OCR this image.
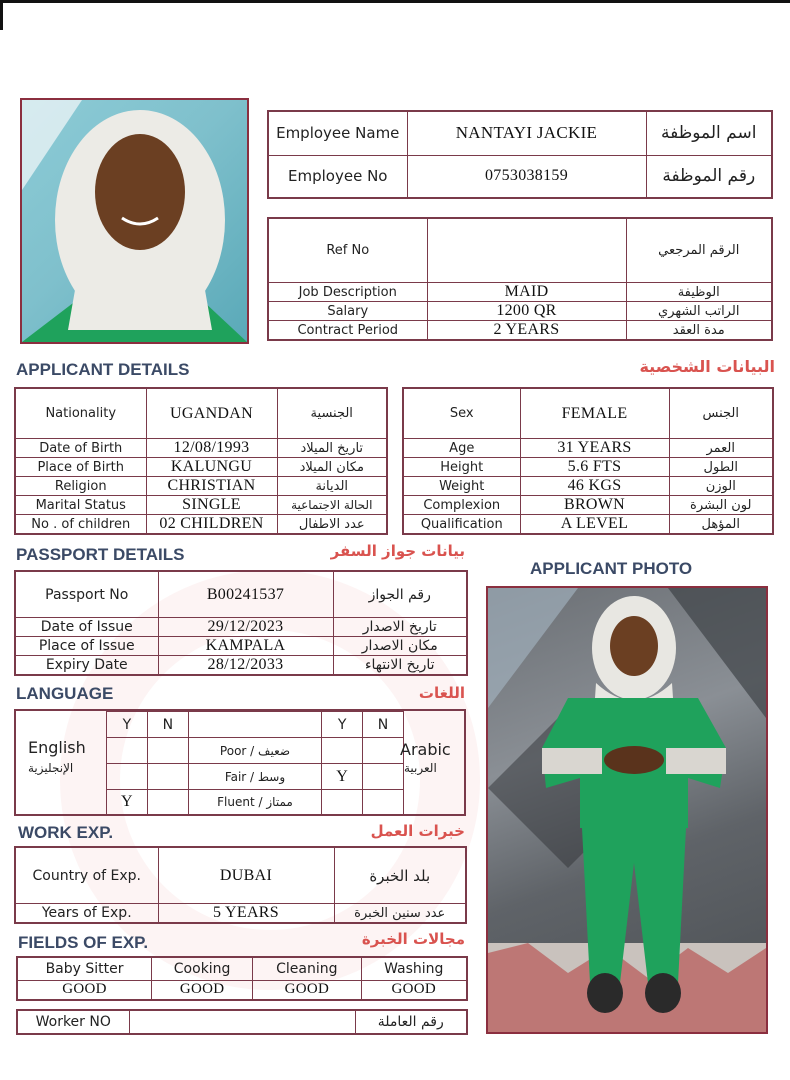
Employee Name	NANTAYI JACKIE	اسم الموظفة
Employee No	0753038159	رقم الموظفة
Ref No		الرقم المرجعي
Job Description	MAID	الوظيفة
Salary	1200 QR	الراتب الشهري
Contract Period	2 YEARS	مدة العقد
APPLICANT DETAILS	البيانات الشخصية
Nationality	UGANDAN	الجنسية
Date of Birth	12/08/1993	تاريخ الميلاد
Place of Birth	KALUNGU	مكان الميلاد
Religion	CHRISTIAN	الديانة
Marital Status	SINGLE	الحالة الاجتماعية
No . of children	02 CHILDREN	عدد الاطفال
Sex	FEMALE	الجنس
Age	31 YEARS	العمر
Height	5.6 FTS	الطول
Weight	46 KGS	الوزن
Complexion	BROWN	لون البشرة
Qualification	A LEVEL	المؤهل
PASSPORT DETAILS	بيانات جواز السفر
Passport No	B00241537	رقم الجواز
Date of Issue	29/12/2023	تاريخ الاصدار
Place of Issue	KAMPALA	مكان الاصدار
Expiry Date	28/12/2033	تاريخ الانتهاء
APPLICANT PHOTO
LANGUAGE	اللغات
Y	N		Y	N
		Poor / ضعيف		
		Fair / وسط	Y	
Y		Fluent / ممتاز		
English
الإنجليزية
Arabic
العربية
WORK EXP.	خبرات العمل
Country of Exp.	DUBAI	بلد الخبرة
Years of Exp.	5 YEARS	عدد سنين الخبرة
FIELDS OF EXP.	مجالات الخبرة
Baby Sitter	Cooking	Cleaning	Washing
GOOD	GOOD	GOOD	GOOD
Worker NO		رقم العاملة
